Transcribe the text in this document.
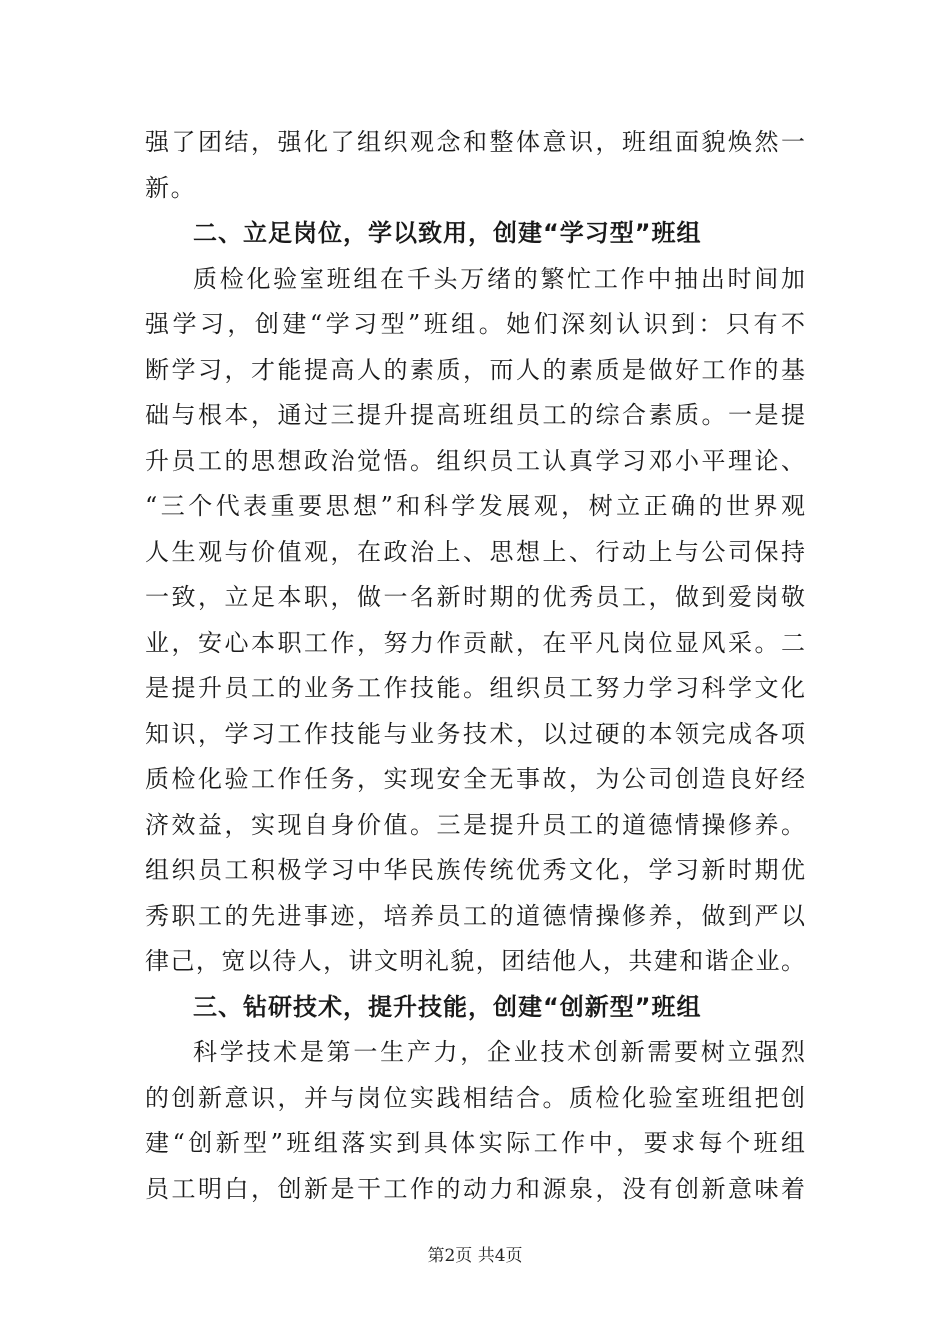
强了团结，强化了组织观念和整体意识，班组面貌焕然一
新。
二、立足岗位，学以致用，创建“学习型”班组
质检化验室班组在千头万绪的繁忙工作中抽出时间加
强学习，创建“学习型”班组。她们深刻认识到：只有不
断学习，才能提高人的素质，而人的素质是做好工作的基
础与根本，通过三提升提高班组员工的综合素质。一是提
升员工的思想政治觉悟。组织员工认真学习邓小平理论、
“三个代表重要思想”和科学发展观，树立正确的世界观
人生观与价值观，在政治上、思想上、行动上与公司保持
一致，立足本职，做一名新时期的优秀员工，做到爱岗敬
业，安心本职工作，努力作贡献，在平凡岗位显风采。二
是提升员工的业务工作技能。组织员工努力学习科学文化
知识，学习工作技能与业务技术，以过硬的本领完成各项
质检化验工作任务，实现安全无事故，为公司创造良好经
济效益，实现自身价值。三是提升员工的道德情操修养。
组织员工积极学习中华民族传统优秀文化，学习新时期优
秀职工的先进事迹，培养员工的道德情操修养，做到严以
律己，宽以待人，讲文明礼貌，团结他人，共建和谐企业。
三、钻研技术，提升技能，创建“创新型”班组
科学技术是第一生产力，企业技术创新需要树立强烈
的创新意识，并与岗位实践相结合。质检化验室班组把创
建“创新型”班组落实到具体实际工作中，要求每个班组
员工明白，创新是干工作的动力和源泉，没有创新意味着
第2页 共4页
